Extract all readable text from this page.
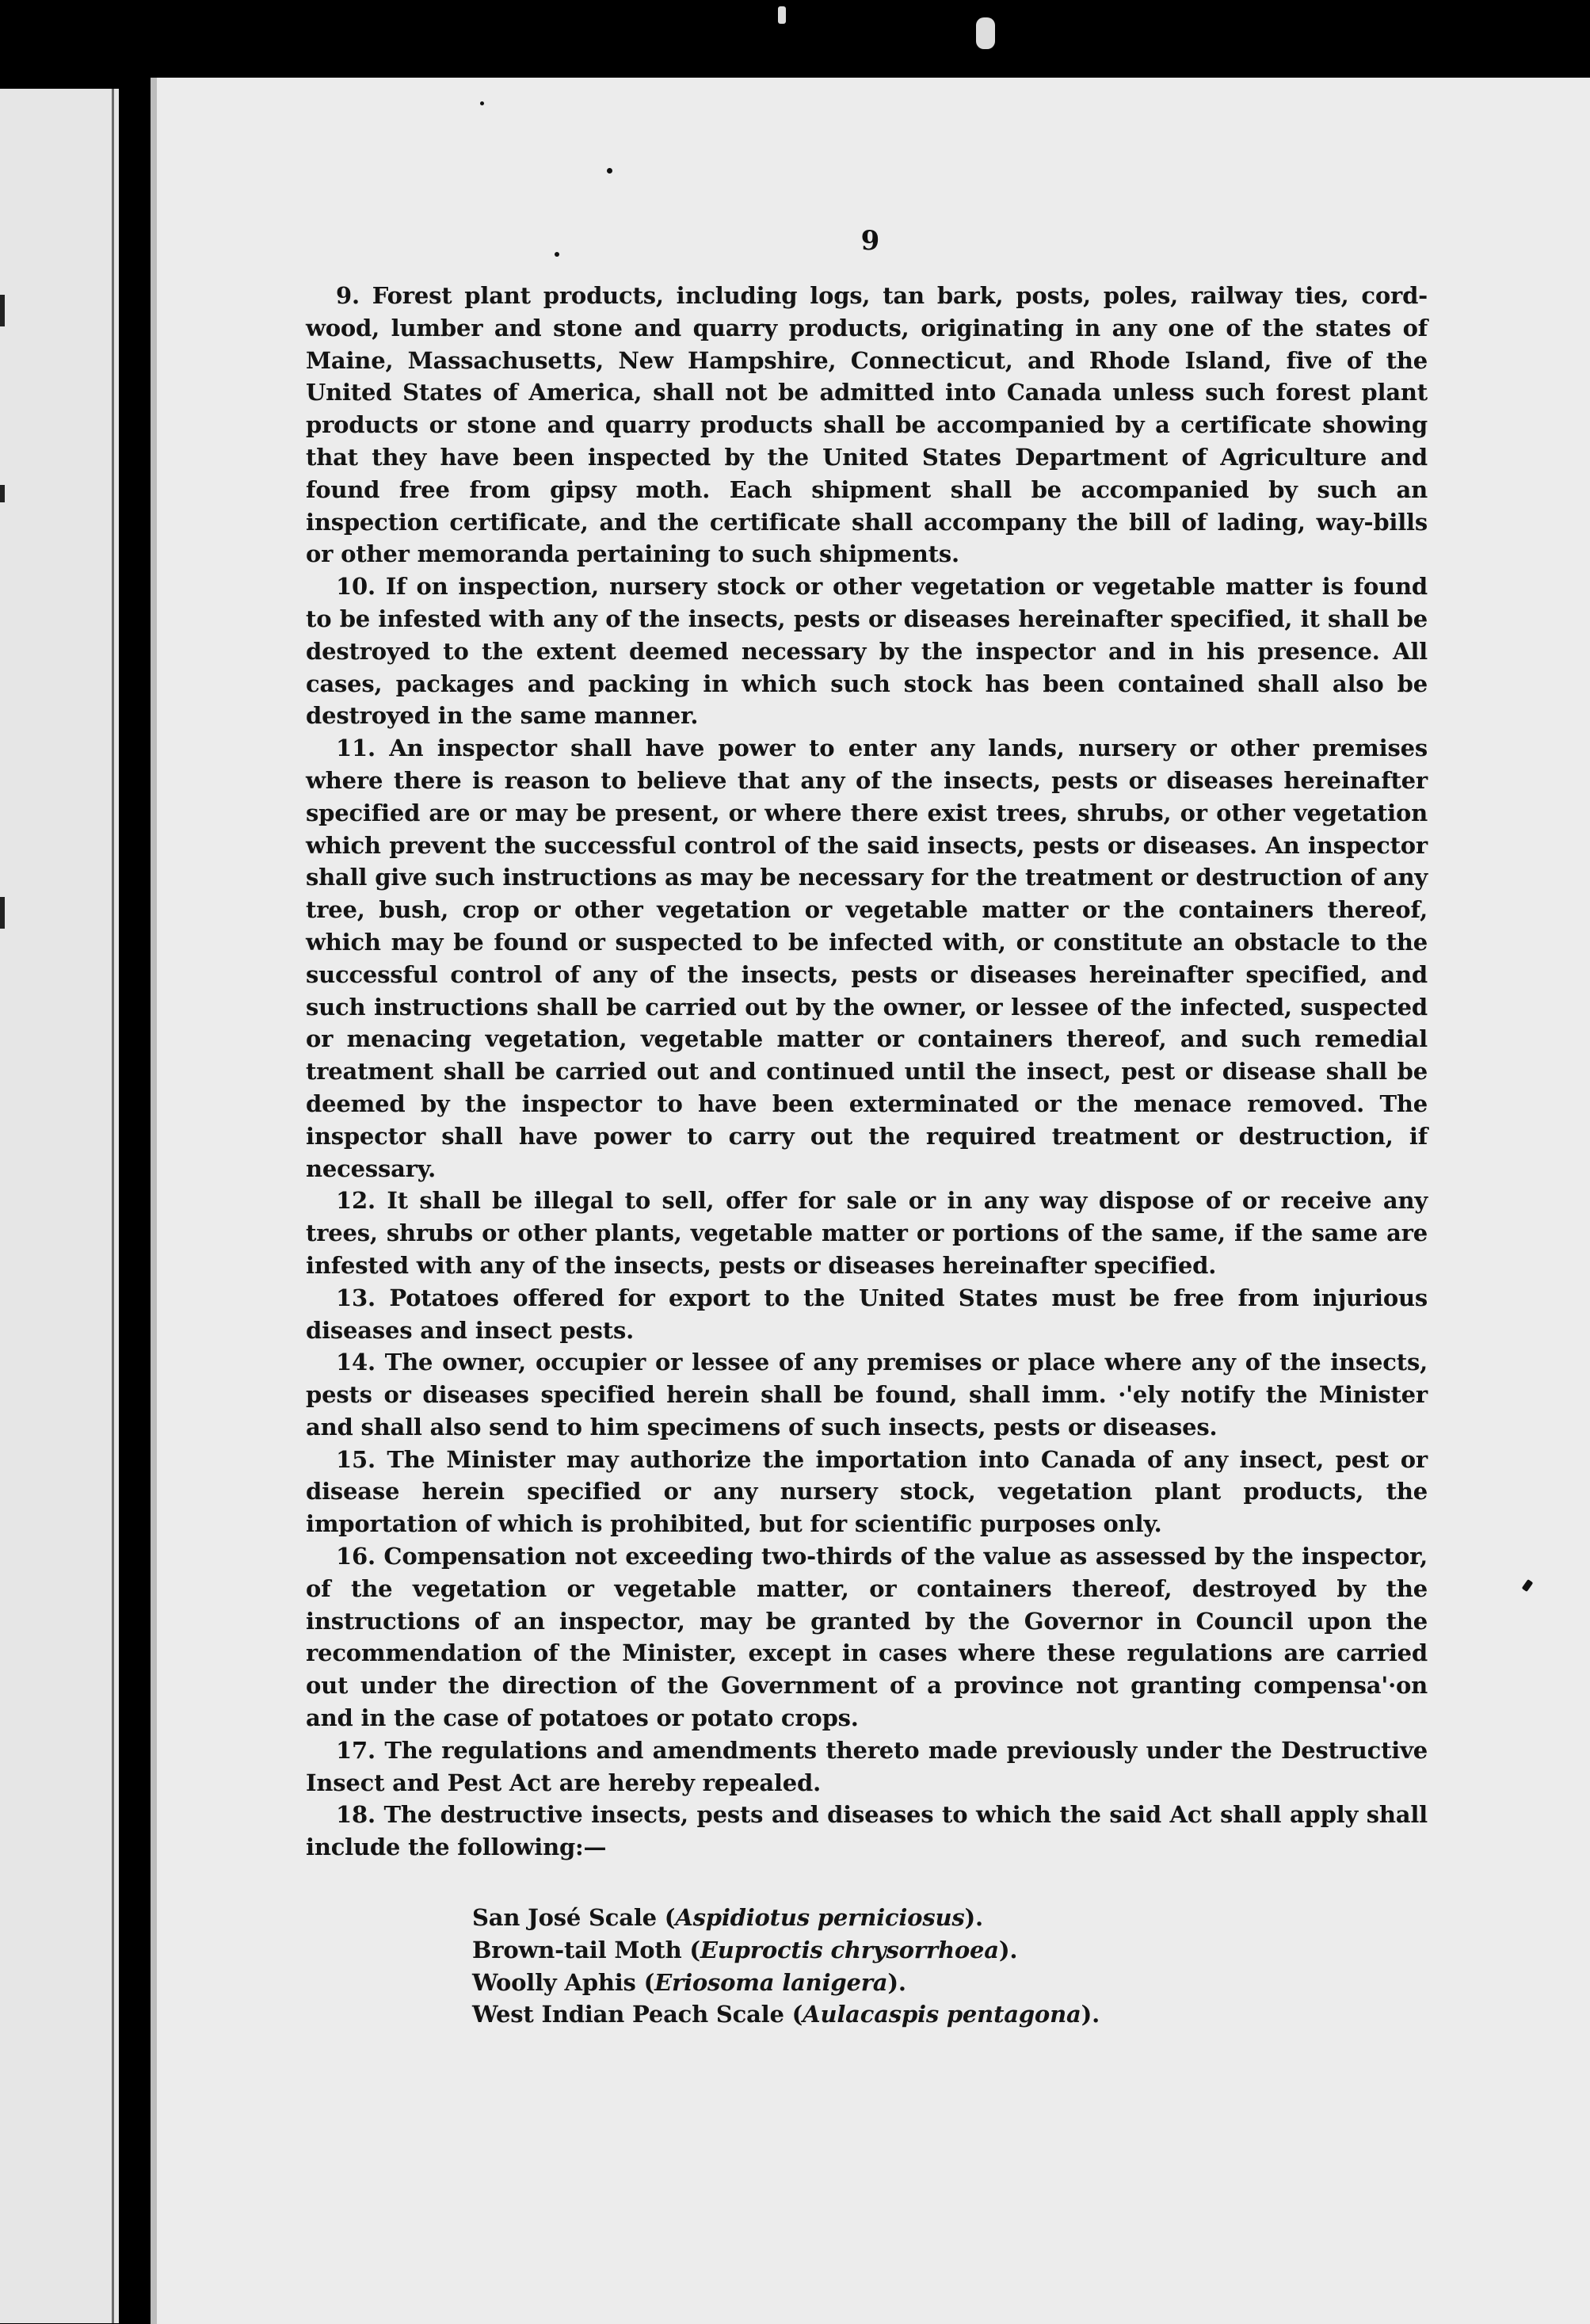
9

9. Forest plant products, including logs, tan bark, posts, poles, railway ties, cord-wood, lumber and stone and quarry products, originating in any one of the states of Maine, Massachusetts, New Hampshire, Connecticut, and Rhode Island, five of the United States of America, shall not be admitted into Canada unless such forest plant products or stone and quarry products shall be accompanied by a certificate showing that they have been inspected by the United States Department of Agriculture and found free from gipsy moth. Each shipment shall be accompanied by such an inspection certificate, and the certificate shall accompany the bill of lading, way-bills or other memoranda pertaining to such shipments.

10. If on inspection, nursery stock or other vegetation or vegetable matter is found to be infested with any of the insects, pests or diseases hereinafter specified, it shall be destroyed to the extent deemed necessary by the inspector and in his presence. All cases, packages and packing in which such stock has been contained shall also be destroyed in the same manner.

11. An inspector shall have power to enter any lands, nursery or other premises where there is reason to believe that any of the insects, pests or diseases hereinafter specified are or may be present, or where there exist trees, shrubs, or other vegetation which prevent the successful control of the said insects, pests or diseases. An inspector shall give such instructions as may be necessary for the treatment or destruction of any tree, bush, crop or other vegetation or vegetable matter or the containers thereof, which may be found or suspected to be infected with, or constitute an obstacle to the successful control of any of the insects, pests or diseases hereinafter specified, and such instructions shall be carried out by the owner, or lessee of the infected, suspected or menacing vegetation, vegetable matter or containers thereof, and such remedial treatment shall be carried out and continued until the insect, pest or disease shall be deemed by the inspector to have been exterminated or the menace removed. The inspector shall have power to carry out the required treatment or destruction, if necessary.

12. It shall be illegal to sell, offer for sale or in any way dispose of or receive any trees, shrubs or other plants, vegetable matter or portions of the same, if the same are infested with any of the insects, pests or diseases hereinafter specified.

13. Potatoes offered for export to the United States must be free from injurious diseases and insect pests.

14. The owner, occupier or lessee of any premises or place where any of the insects, pests or diseases specified herein shall be found, shall imm. ·'ely notify the Minister and shall also send to him specimens of such insects, pests or diseases.

15. The Minister may authorize the importation into Canada of any insect, pest or disease herein specified or any nursery stock, vegetation plant products, the importation of which is prohibited, but for scientific purposes only.

16. Compensation not exceeding two-thirds of the value as assessed by the inspector, of the vegetation or vegetable matter, or containers thereof, destroyed by the instructions of an inspector, may be granted by the Governor in Council upon the recommendation of the Minister, except in cases where these regulations are carried out under the direction of the Government of a province not granting compensa'·on and in the case of potatoes or potato crops.

17. The regulations and amendments thereto made previously under the Destructive Insect and Pest Act are hereby repealed.

18. The destructive insects, pests and diseases to which the said Act shall apply shall include the following:—

San José Scale (Aspidiotus perniciosus).
Brown-tail Moth (Euproctis chrysorrhoea).
Woolly Aphis (Eriosoma lanigera).
West Indian Peach Scale (Aulacaspis pentagona).
